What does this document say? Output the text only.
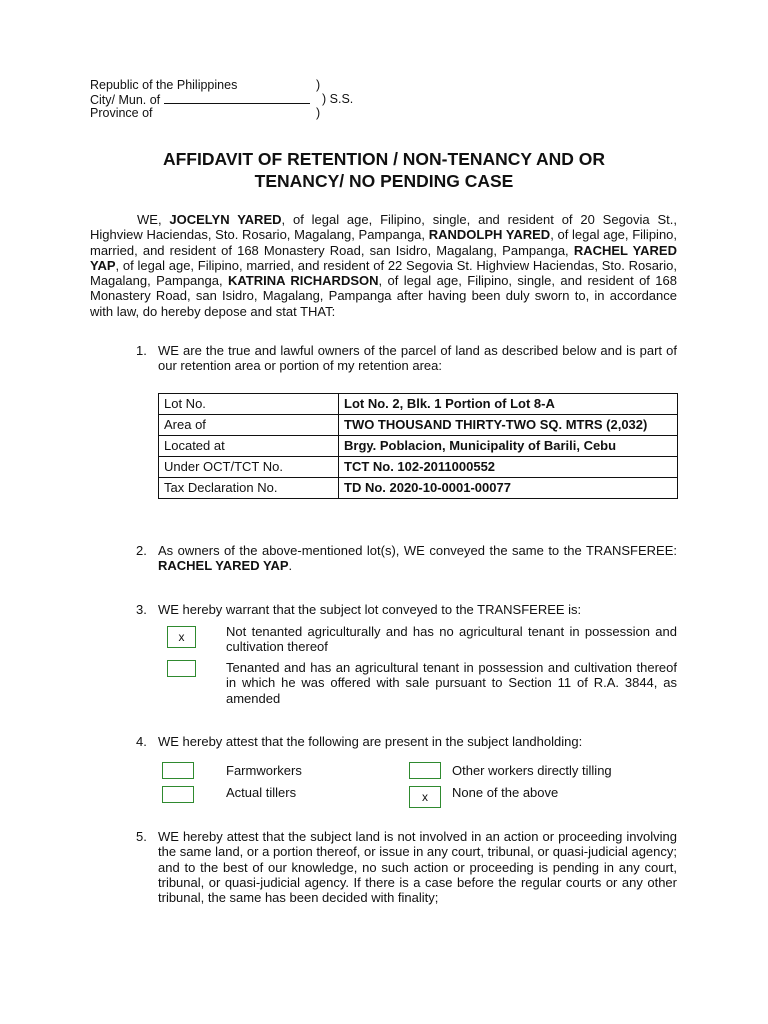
Republic of the Philippines	)
City/ Mun. of	) S.S.
Province of	)
AFFIDAVIT OF RETENTION / NON-TENANCY AND OR
TENANCY/ NO PENDING CASE
WE, JOCELYN YARED, of legal age, Filipino, single, and resident of 20 Segovia St., Highview Haciendas, Sto. Rosario, Magalang, Pampanga, RANDOLPH YARED, of legal age, Filipino, married, and resident of 168 Monastery Road, san Isidro, Magalang, Pampanga, RACHEL YARED YAP, of legal age, Filipino, married, and resident of 22 Segovia St. Highview Haciendas, Sto. Rosario, Magalang, Pampanga, KATRINA RICHARDSON, of legal age, Filipino, single, and resident of 168 Monastery Road, san Isidro, Magalang, Pampanga after having been duly sworn to, in accordance with law, do hereby depose and stat THAT:
1. WE are the true and lawful owners of the parcel of land as described below and is part of our retention area or portion of my retention area:
Lot No.	Lot No. 2, Blk. 1 Portion of Lot 8-A
Area of	TWO THOUSAND THIRTY-TWO SQ. MTRS (2,032)
Located at	Brgy. Poblacion, Municipality of Barili, Cebu
Under OCT/TCT No.	TCT No. 102-2011000552
Tax Declaration No.	TD No. 2020-10-0001-00077
2. As owners of the above-mentioned lot(s), WE conveyed the same to the TRANSFEREE: RACHEL YARED YAP.
3. WE hereby warrant that the subject lot conveyed to the TRANSFEREE is:
x	Not tenanted agriculturally and has no agricultural tenant in possession and cultivation thereof
Tenanted and has an agricultural tenant in possession and cultivation thereof in which he was offered with sale pursuant to Section 11 of R.A. 3844, as amended
4. WE hereby attest that the following are present in the subject landholding:
Farmworkers	Other workers directly tilling
Actual tillers	x	None of the above
5. WE hereby attest that the subject land is not involved in an action or proceeding involving the same land, or a portion thereof, or issue in any court, tribunal, or quasi-judicial agency; and to the best of our knowledge, no such action or proceeding is pending in any court, tribunal, or quasi-judicial agency. If there is a case before the regular courts or any other tribunal, the same has been decided with finality;
